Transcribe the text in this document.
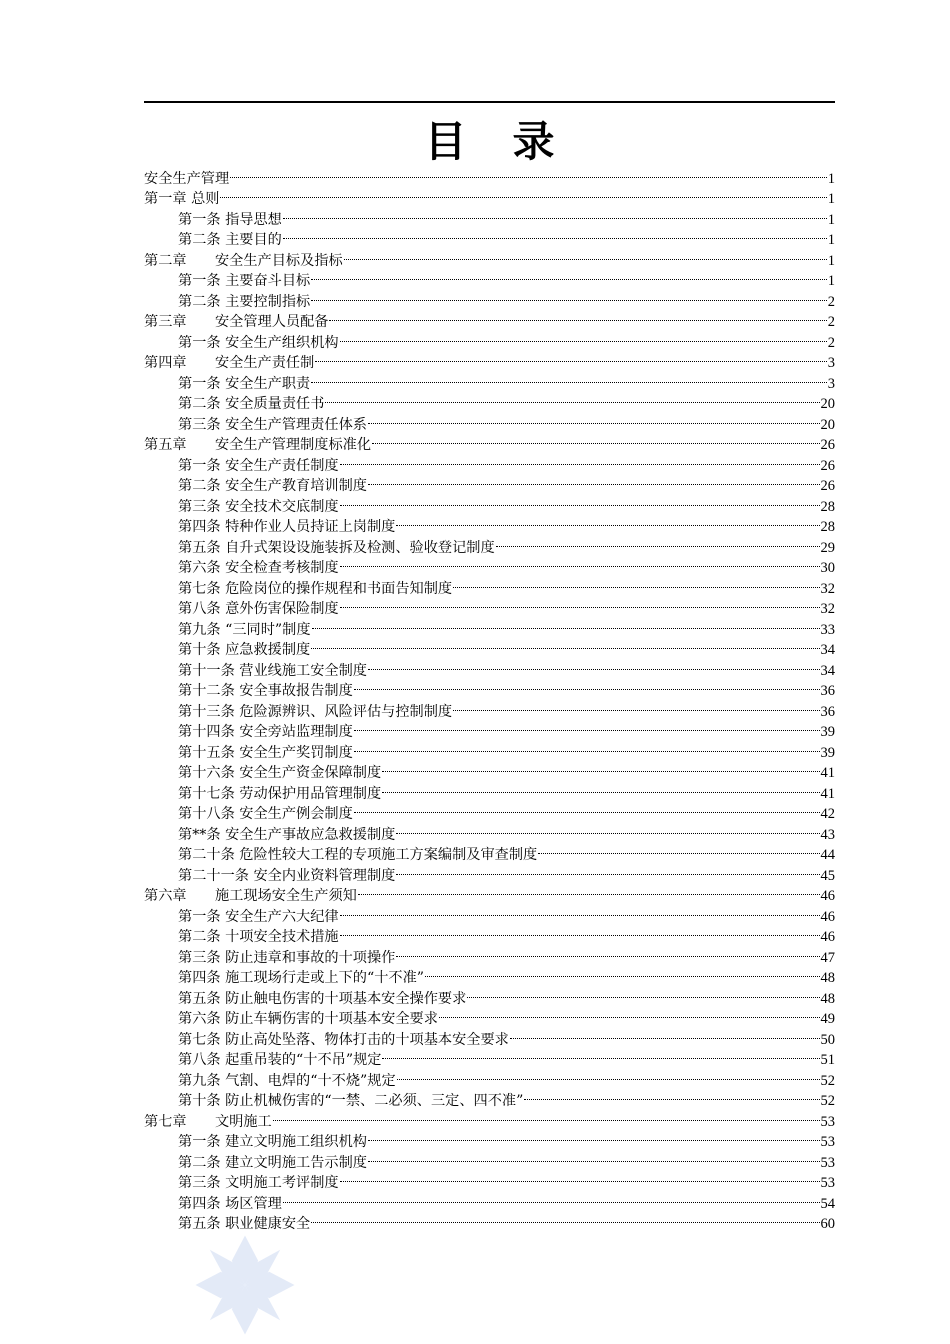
目 录
安全生产管理	1
第一章 总则	1
第一条 指导思想	1
第二条 主要目的	1
第二章　　安全生产目标及指标	1
第一条 主要奋斗目标	1
第二条 主要控制指标	2
第三章　　安全管理人员配备	2
第一条 安全生产组织机构	2
第四章　　安全生产责任制	3
第一条 安全生产职责	3
第二条 安全质量责任书	20
第三条 安全生产管理责任体系	20
第五章　　安全生产管理制度标准化	26
第一条 安全生产责任制度	26
第二条 安全生产教育培训制度	26
第三条 安全技术交底制度	28
第四条 特种作业人员持证上岗制度	28
第五条 自升式架设设施装拆及检测、验收登记制度	29
第六条 安全检查考核制度	30
第七条 危险岗位的操作规程和书面告知制度	32
第八条 意外伤害保险制度	32
第九条 “三同时”制度	33
第十条 应急救援制度	34
第十一条 营业线施工安全制度	34
第十二条 安全事故报告制度	36
第十三条 危险源辨识、风险评估与控制制度	36
第十四条 安全旁站监理制度	39
第十五条 安全生产奖罚制度	39
第十六条 安全生产资金保障制度	41
第十七条 劳动保护用品管理制度	41
第十八条 安全生产例会制度	42
第**条 安全生产事故应急救援制度	43
第二十条 危险性较大工程的专项施工方案编制及审查制度	44
第二十一条 安全内业资料管理制度	45
第六章　　施工现场安全生产须知	46
第一条 安全生产六大纪律	46
第二条 十项安全技术措施	46
第三条 防止违章和事故的十项操作	47
第四条 施工现场行走或上下的“十不准”	48
第五条 防止触电伤害的十项基本安全操作要求	48
第六条 防止车辆伤害的十项基本安全要求	49
第七条 防止高处坠落、物体打击的十项基本安全要求	50
第八条 起重吊装的“十不吊”规定	51
第九条 气割、电焊的“十不烧”规定	52
第十条 防止机械伤害的“一禁、二必须、三定、四不准”	52
第七章　　文明施工	53
第一条 建立文明施工组织机构	53
第二条 建立文明施工告示制度	53
第三条 文明施工考评制度	53
第四条 场区管理	54
第五条 职业健康安全	60
